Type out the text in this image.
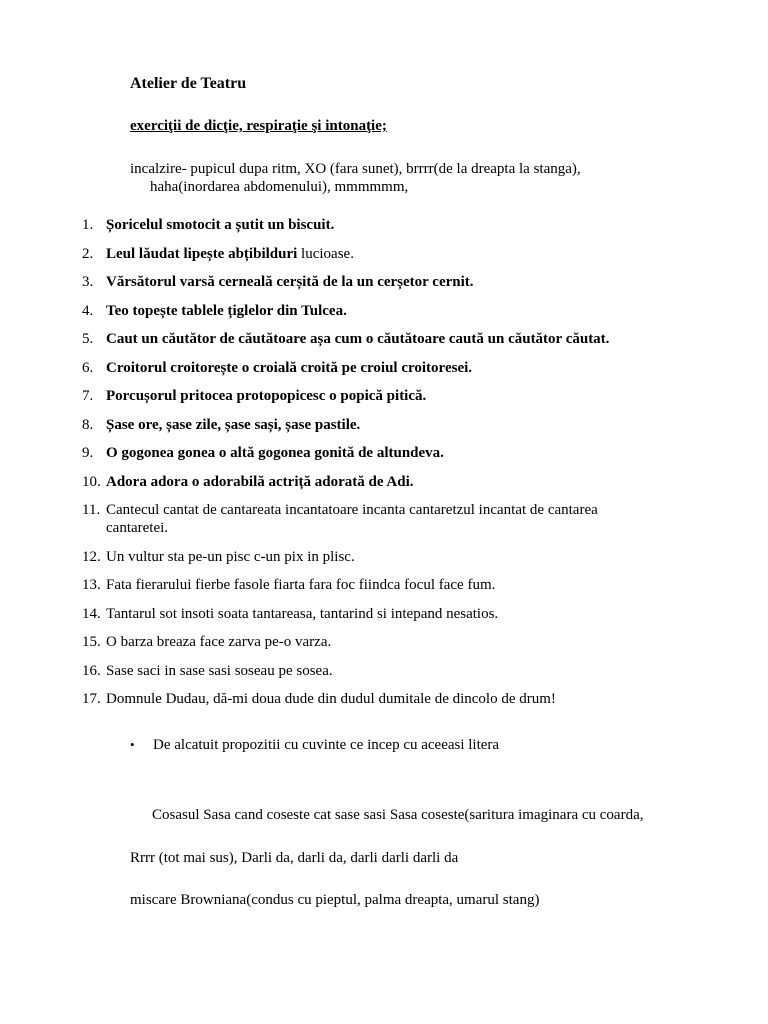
Atelier de Teatru
exerciţii de dicţie, respiraţie şi intonaţie;
incalzire- pupicul dupa ritm, XO (fara sunet), brrrr(de la dreapta la stanga),
haha(inordarea abdomenului), mmmmmm,
1. Șoricelul smotocit a șutit un biscuit.
2. Leul lăudat lipește abțibilduri lucioase.
3. Vărsătorul varsă cerneală cerșită de la un cerșetor cernit.
4. Teo topește tablele țiglelor din Tulcea.
5. Caut un căutător de căutătoare așa cum o căutătoare caută un căutător căutat.
6. Croitorul croitorește o croială croită pe croiul croitoresei.
7. Porcușorul pritocea protopopicesc o popică pitică.
8. Șase ore, șase zile, șase sași, șase pastile.
9. O gogonea gonea o altă gogonea gonită de altundeva.
10. Adora adora o adorabilă actriță adorată de Adi.
11. Cantecul cantat de cantareata incantatoare incanta cantaretzul incantat de cantarea
cantaretei.
12. Un vultur sta pe-un pisc c-un pix in plisc.
13. Fata fierarului fierbe fasole fiarta fara foc fiindca focul face fum.
14. Tantarul sot insoti soata tantareasa, tantarind si intepand nesatios.
15. O barza breaza face zarva pe-o varza.
16. Sase saci in sase sasi soseau pe sosea.
17. Domnule Dudau, dă-mi doua dude din dudul dumitale de dincolo de drum!
• De alcatuit propozitii cu cuvinte ce incep cu aceeasi litera
Cosasul Sasa cand coseste cat sase sasi Sasa coseste(saritura imaginara cu coarda,
Rrrr (tot mai sus), Darli da, darli da, darli darli darli da
miscare Browniana(condus cu pieptul, palma dreapta, umarul stang)
